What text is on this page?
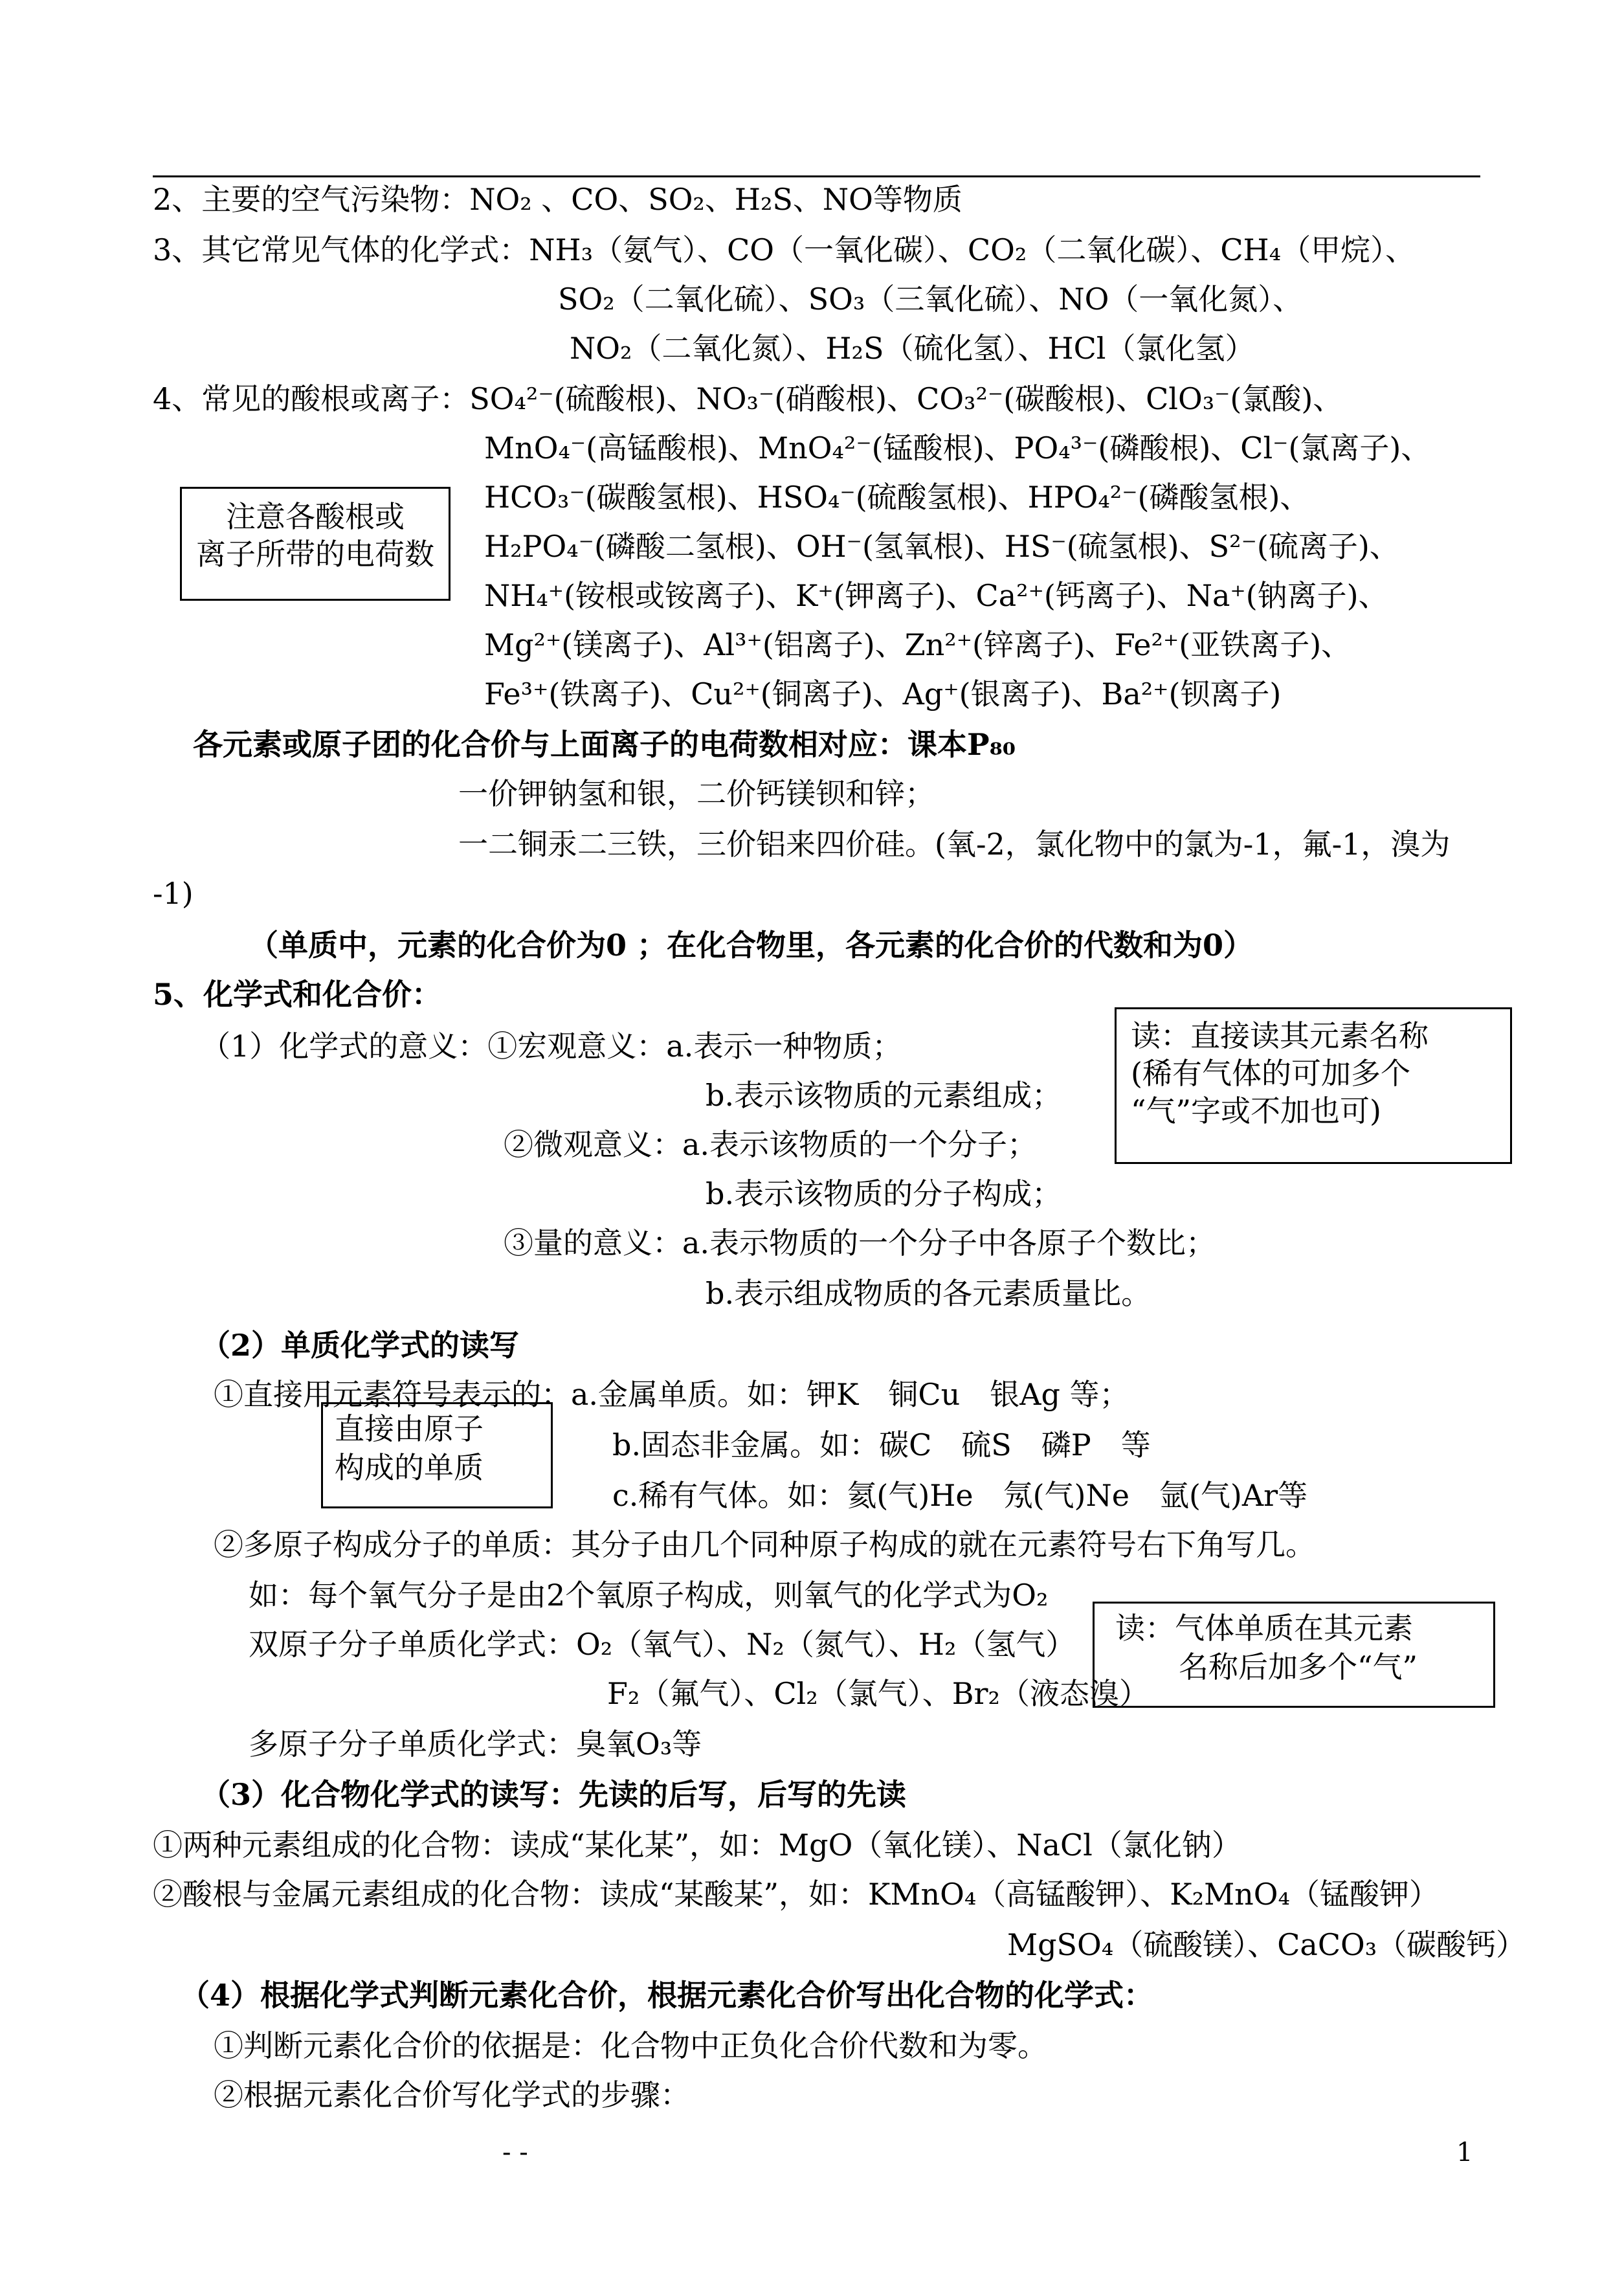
2、主要的空气污染物：NO₂ 、CO、SO₂、H₂S、NO等物质
3、其它常见气体的化学式：NH₃（氨气）、CO（一氧化碳）、CO₂（二氧化碳）、CH₄（甲烷）、
SO₂（二氧化硫）、SO₃（三氧化硫）、NO（一氧化氮）、
NO₂（二氧化氮）、H₂S（硫化氢）、HCl（氯化氢）
4、常见的酸根或离子：SO₄²⁻(硫酸根)、NO₃⁻(硝酸根)、CO₃²⁻(碳酸根)、ClO₃⁻(氯酸)、
MnO₄⁻(高锰酸根)、MnO₄²⁻(锰酸根)、PO₄³⁻(磷酸根)、Cl⁻(氯离子)、
HCO₃⁻(碳酸氢根)、HSO₄⁻(硫酸氢根)、HPO₄²⁻(磷酸氢根)、
H₂PO₄⁻(磷酸二氢根)、OH⁻(氢氧根)、HS⁻(硫氢根)、S²⁻(硫离子)、
NH₄⁺(铵根或铵离子)、K⁺(钾离子)、Ca²⁺(钙离子)、Na⁺(钠离子)、
Mg²⁺(镁离子)、Al³⁺(铝离子)、Zn²⁺(锌离子)、Fe²⁺(亚铁离子)、
Fe³⁺(铁离子)、Cu²⁺(铜离子)、Ag⁺(银离子)、Ba²⁺(钡离子)
注意各酸根或
离子所带的电荷数
各元素或原子团的化合价与上面离子的电荷数相对应：课本P₈₀
一价钾钠氢和银，二价钙镁钡和锌；
一二铜汞二三铁，三价铝来四价硅。(氧-2，氯化物中的氯为-1，氟-1，溴为
-1)
（单质中，元素的化合价为0 ；在化合物里，各元素的化合价的代数和为0）
5、化学式和化合价：
（1）化学式的意义：①宏观意义：a.表示一种物质；
b.表示该物质的元素组成；
②微观意义：a.表示该物质的一个分子；
b.表示该物质的分子构成；
③量的意义：a.表示物质的一个分子中各原子个数比；
b.表示组成物质的各元素质量比。
读：直接读其元素名称
(稀有气体的可加多个
“气”字或不加也可)
（2）单质化学式的读写
①直接用元素符号表示的：a.金属单质。如：钾K　铜Cu　银Ag 等；
b.固态非金属。如：碳C　硫S　磷P　等
c.稀有气体。如：氦(气)He　氖(气)Ne　氩(气)Ar等
直接由原子
构成的单质
②多原子构成分子的单质：其分子由几个同种原子构成的就在元素符号右下角写几。
如：每个氧气分子是由2个氧原子构成，则氧气的化学式为O₂
双原子分子单质化学式：O₂（氧气）、N₂（氮气）、H₂（氢气）
F₂（氟气）、Cl₂（氯气）、Br₂（液态溴）
多原子分子单质化学式：臭氧O₃等
读：气体单质在其元素
名称后加多个“气”
（3）化合物化学式的读写：先读的后写，后写的先读
①两种元素组成的化合物：读成“某化某”，如：MgO（氧化镁）、NaCl（氯化钠）
②酸根与金属元素组成的化合物：读成“某酸某”，如：KMnO₄（高锰酸钾）、K₂MnO₄（锰酸钾）
MgSO₄（硫酸镁）、CaCO₃（碳酸钙）
（4）根据化学式判断元素化合价，根据元素化合价写出化合物的化学式：
①判断元素化合价的依据是：化合物中正负化合价代数和为零。
②根据元素化合价写化学式的步骤：
- -	1
